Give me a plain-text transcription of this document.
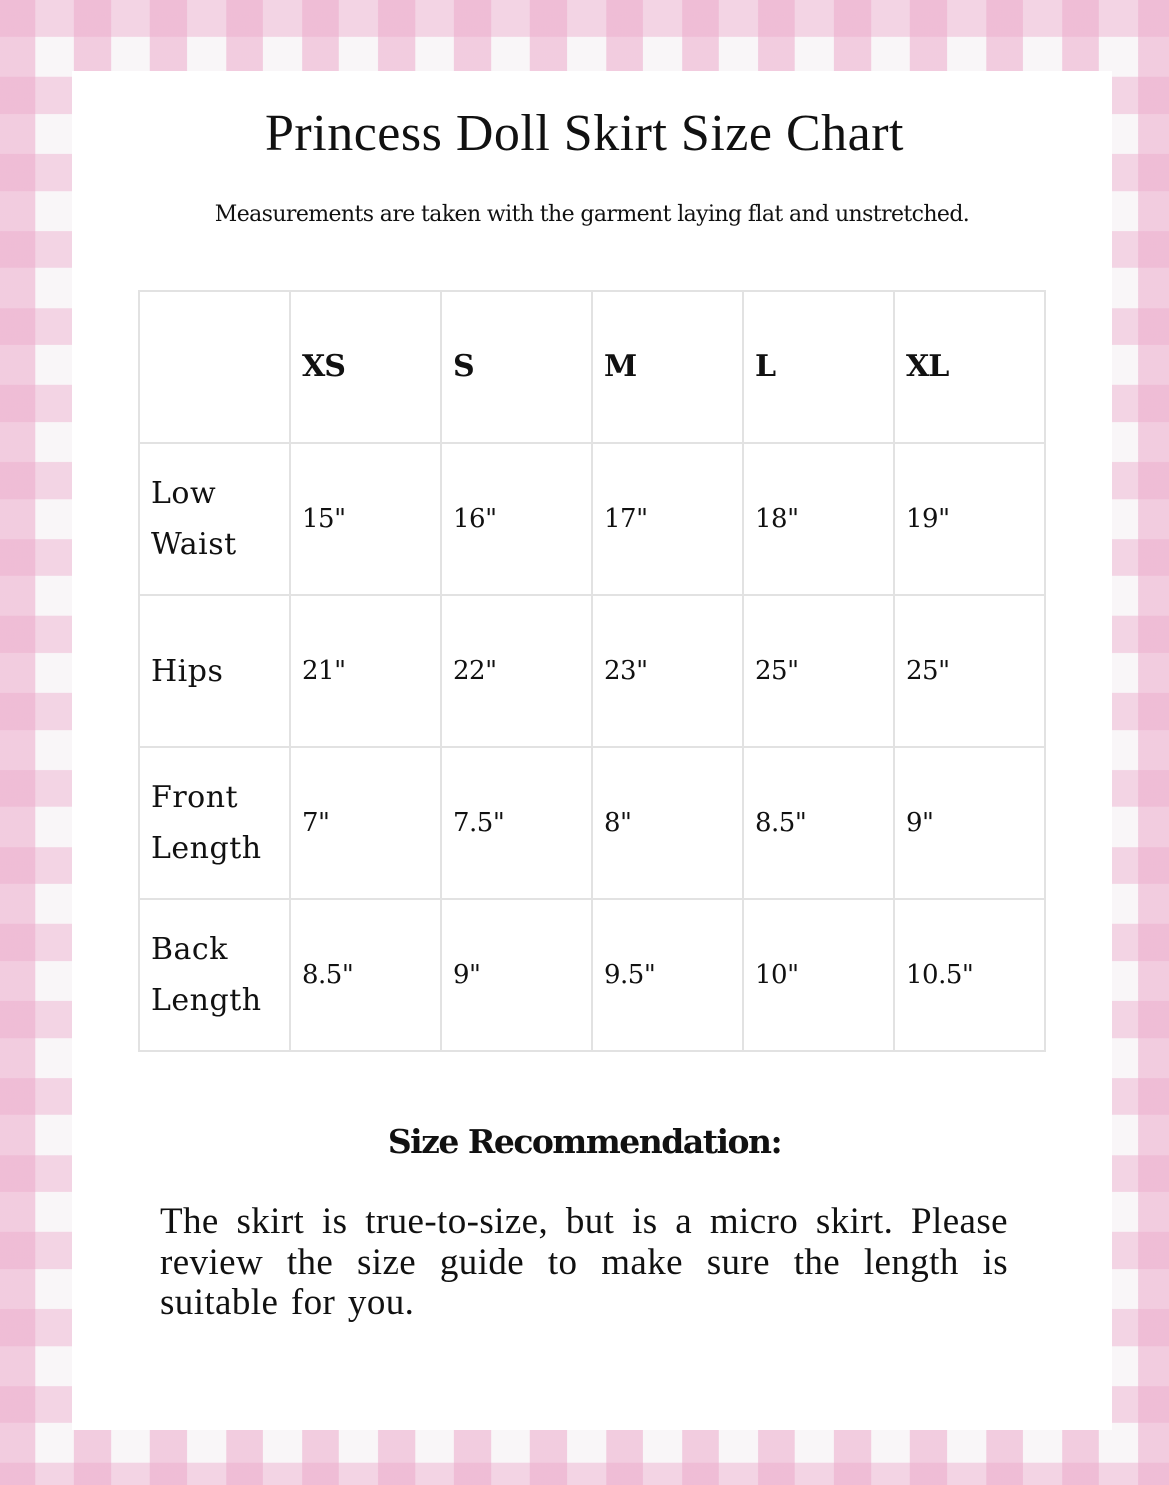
Princess Doll Skirt Size Chart

Measurements are taken with the garment laying flat and unstretched.

	XS	S	M	L	XL
Low
Waist	15"	16"	17"	18"	19"
Hips	21"	22"	23"	25"	25"
Front
Length	7"	7.5"	8"	8.5"	9"
Back
Length	8.5"	9"	9.5"	10"	10.5"
Size Recommendation:

The skirt is true-to-size, but is a micro skirt. Please review the size guide to make sure the length is suitable for you.
